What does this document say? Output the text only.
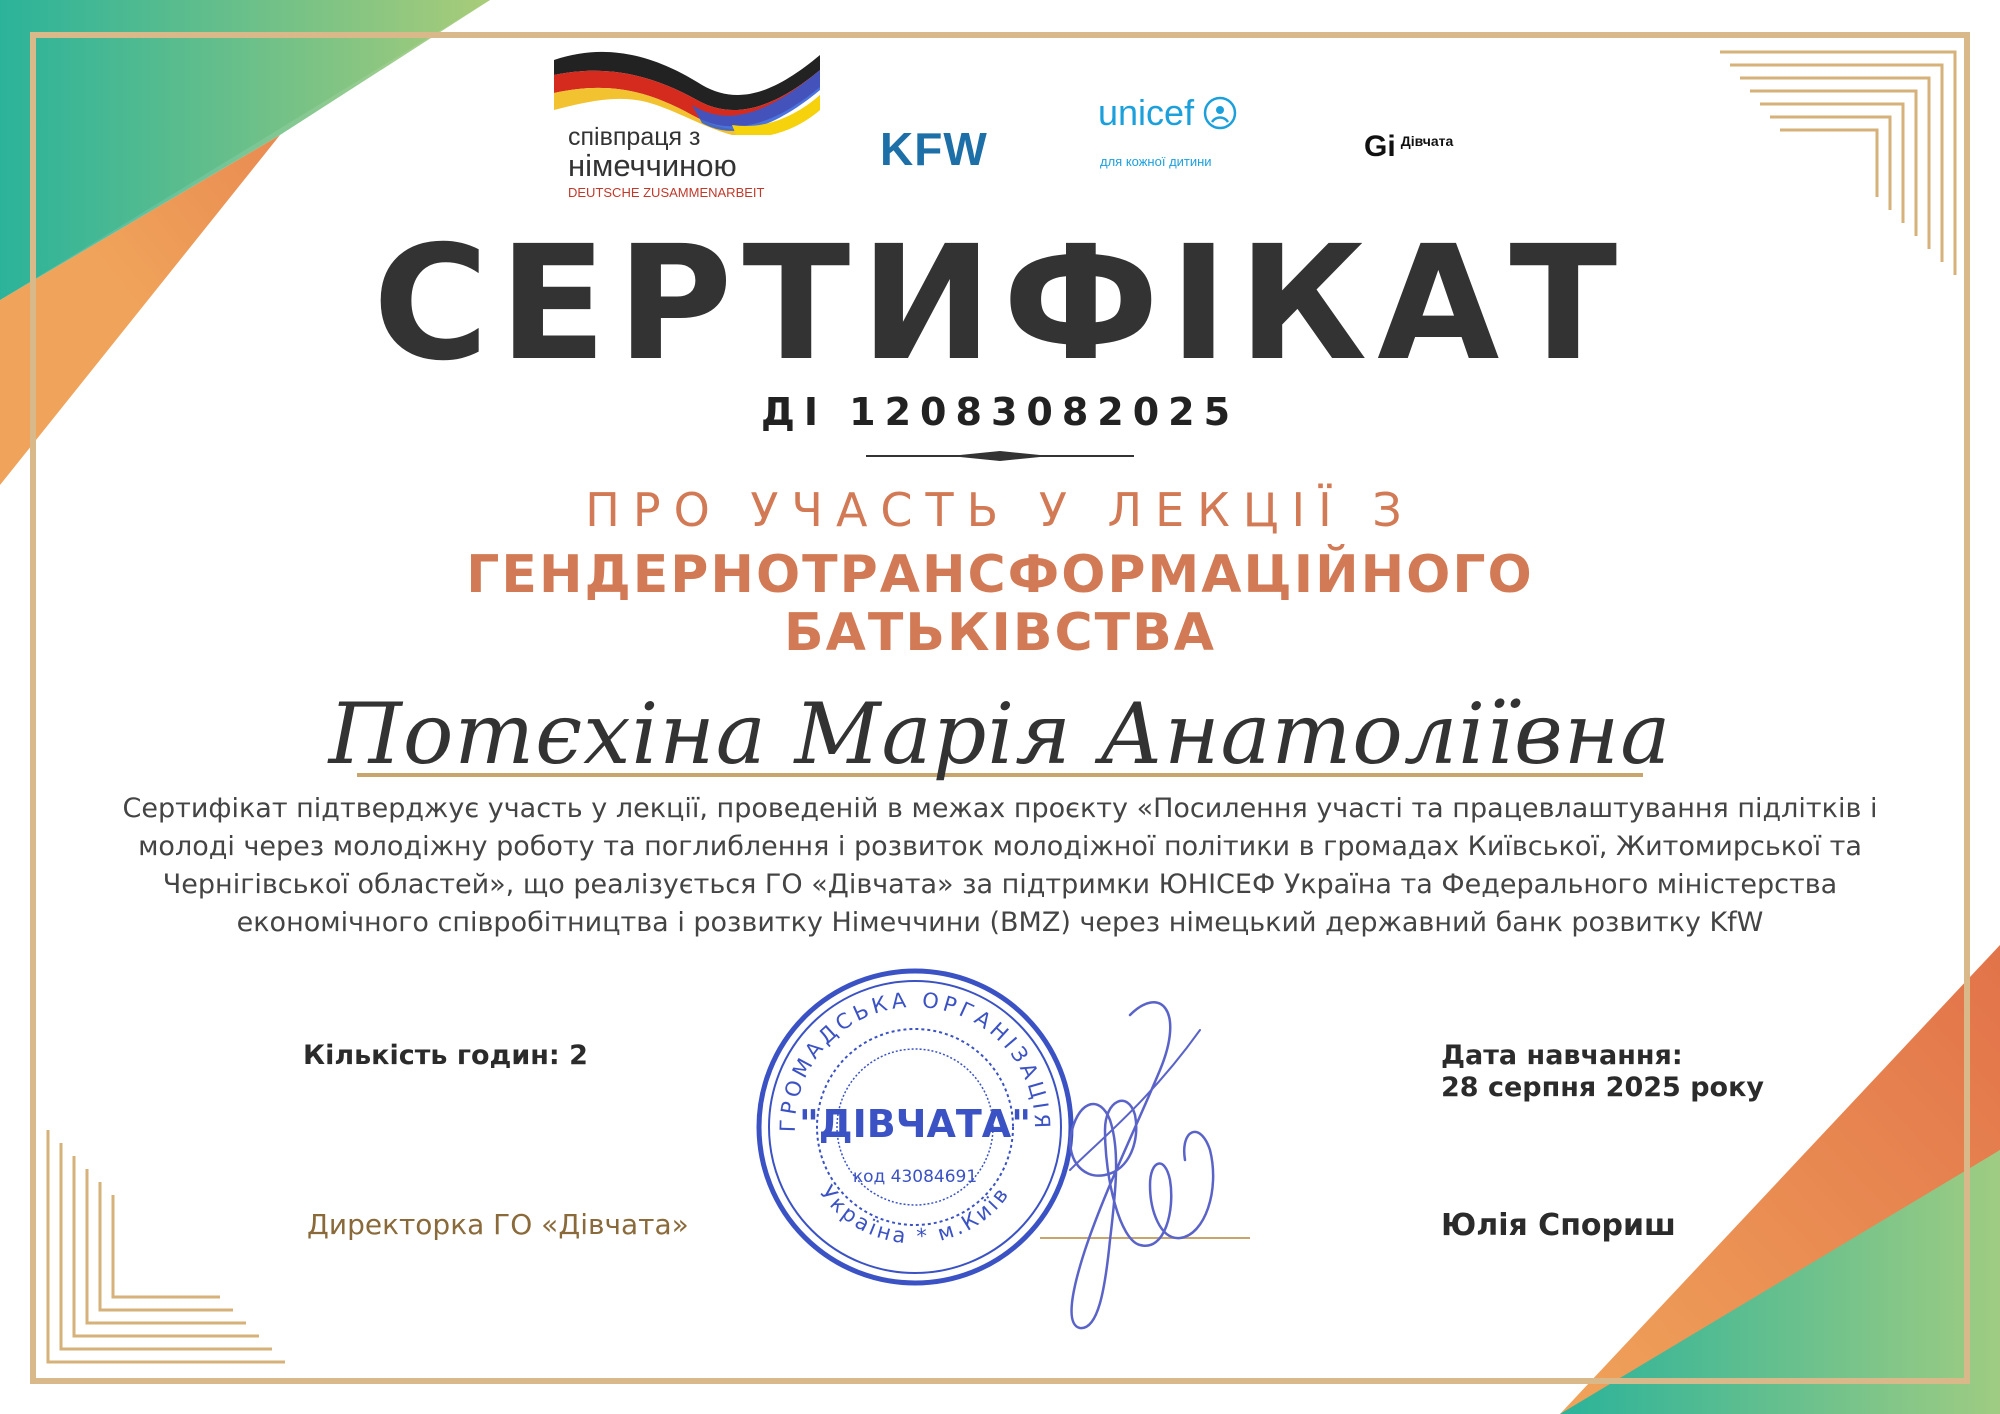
співпраця з
німеччиною
DEUTSCHE ZUSAMMENARBEIT
KFW
unicef
для кожної дитини	Gi Дівчата
СЕРТИФІКАТ
ДІ 12083082025
ПРО УЧАСТЬ У ЛЕКЦІЇ З
ГЕНДЕРНОТРАНСФОРМАЦІЙНОГО
БАТЬКІВСТВА
Потєхіна Марія Анатоліївна
Сертифікат підтверджує участь у лекції, проведеній в межах проєкту «Посилення участі та працевлаштування підлітків і молоді через молодіжну роботу та поглиблення і розвиток молодіжної політики в громадах Київської, Житомирської та Чернігівської областей», що реалізується ГО «Дівчата» за підтримки ЮНІСЕФ Україна та Федерального міністерства економічного співробітництва і розвитку Німеччини (BMZ) через німецький державний банк розвитку KfW
Кількість годин: 2	Дата навчання:
28 серпня 2025 року
Директорка ГО «Дівчата»	Юлія Спориш
ГРОМАДСЬКА ОРГАНІЗАЦІЯ
"ДІВЧАТА"
код 43084691
Україна * м.Київ
